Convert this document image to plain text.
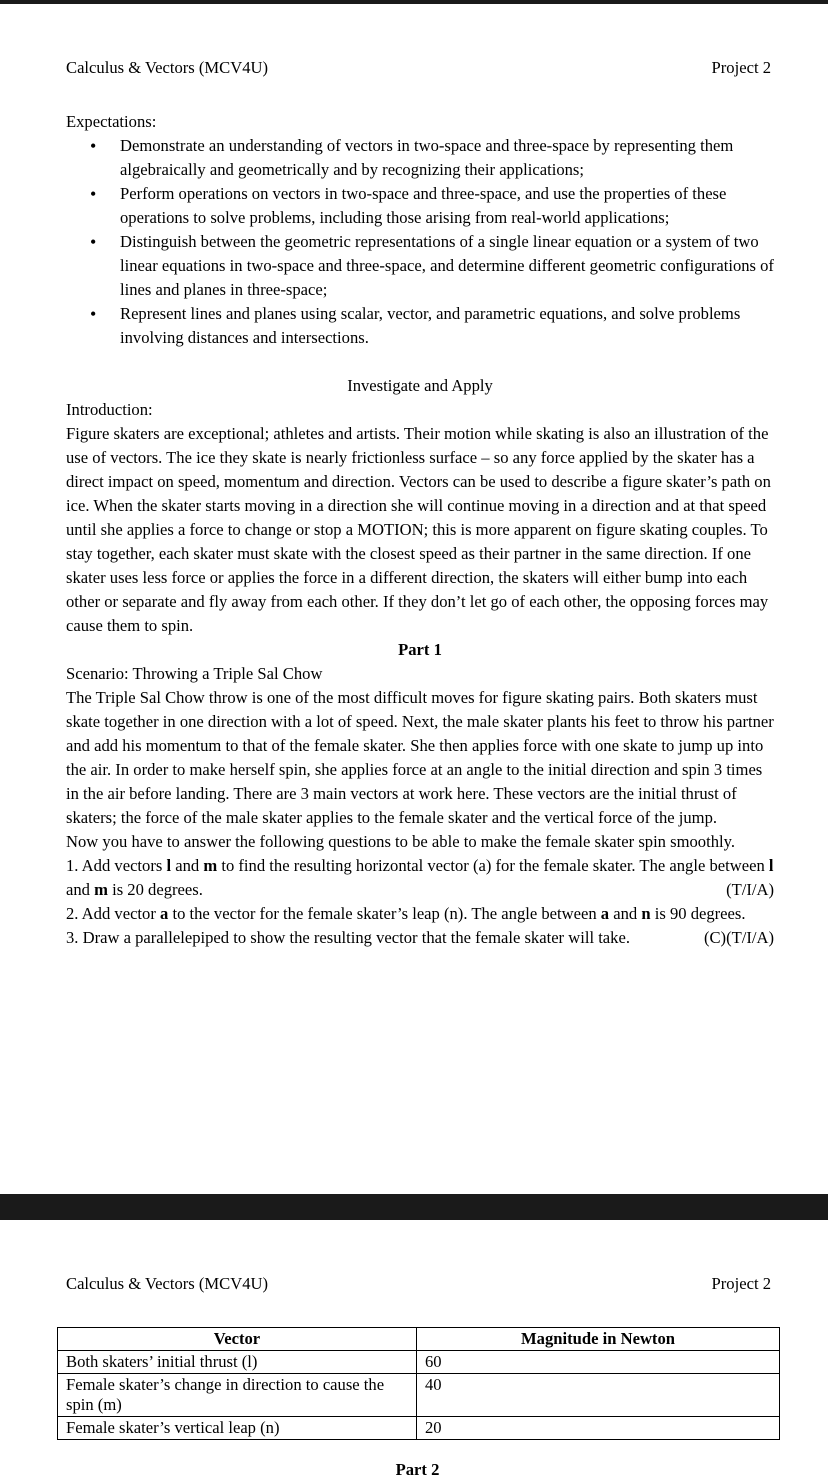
Calculus & Vectors (MCV4U)	Project 2

Expectations:

• Demonstrate an understanding of vectors in two-space and three-space by representing them algebraically and geometrically and by recognizing their applications;
• Perform operations on vectors in two-space and three-space, and use the properties of these operations to solve problems, including those arising from real-world applications;
• Distinguish between the geometric representations of a single linear equation or a system of two linear equations in two-space and three-space, and determine different geometric configurations of lines and planes in three-space;
• Represent lines and planes using scalar, vector, and parametric equations, and solve problems involving distances and intersections.

Investigate and Apply

Introduction:

Figure skaters are exceptional; athletes and artists. Their motion while skating is also an illustration of the use of vectors. The ice they skate is nearly frictionless surface – so any force applied by the skater has a direct impact on speed, momentum and direction. Vectors can be used to describe a figure skater’s path on ice. When the skater starts moving in a direction she will continue moving in a direction and at that speed until she applies a force to change or stop a MOTION; this is more apparent on figure skating couples. To stay together, each skater must skate with the closest speed as their partner in the same direction. If one skater uses less force or applies the force in a different direction, the skaters will either bump into each other or separate and fly away from each other. If they don’t let go of each other, the opposing forces may cause them to spin.

Part 1

Scenario: Throwing a Triple Sal Chow

The Triple Sal Chow throw is one of the most difficult moves for figure skating pairs. Both skaters must skate together in one direction with a lot of speed. Next, the male skater plants his feet to throw his partner and add his momentum to that of the female skater. She then applies force with one skate to jump up into the air. In order to make herself spin, she applies force at an angle to the initial direction and spin 3 times in the air before landing. There are 3 main vectors at work here. These vectors are the initial thrust of skaters; the force of the male skater applies to the female skater and the vertical force of the jump.

Now you have to answer the following questions to be able to make the female skater spin smoothly.

1. Add vectors l and m to find the resulting horizontal vector (a) for the female skater. The angle between l and m is 20 degrees.	(T/I/A)

2. Add vector a to the vector for the female skater’s leap (n). The angle between a and n is 90 degrees.
(T/I/A)

3. Draw a parallelepiped to show the resulting vector that the female skater will take.	(C)

Calculus & Vectors (MCV4U)	Project 2
Vector	Magnitude in Newton
Both skaters’ initial thrust (l)	60
Female skater’s change in direction to cause the spin (m)	40
Female skater’s vertical leap (n)	20

Part 2
